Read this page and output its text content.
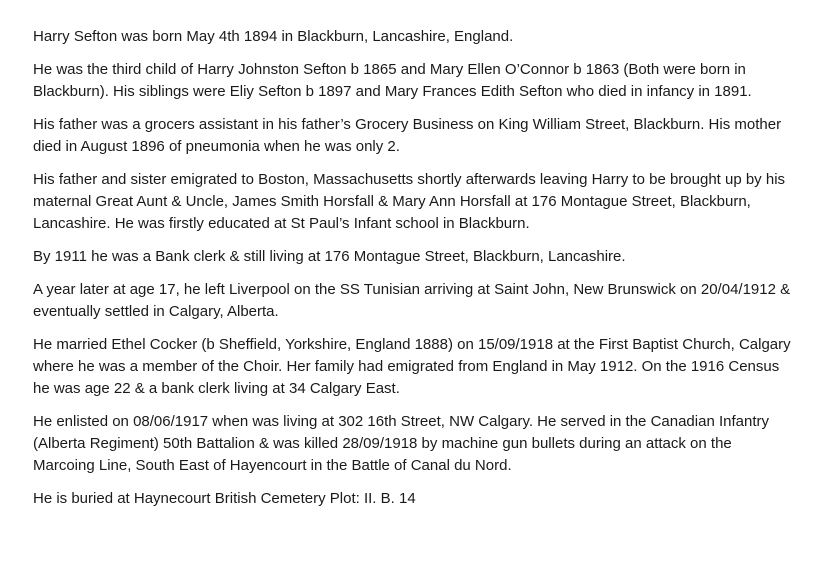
Harry Sefton was born May 4th 1894 in Blackburn, Lancashire, England.

He was the third child of Harry Johnston Sefton b 1865 and Mary Ellen O’Connor b 1863 (Both were born in Blackburn). His siblings were Eliy Sefton b 1897 and Mary Frances Edith Sefton who died in infancy in 1891.

His father was a grocers assistant in his father’s Grocery Business on King William Street, Blackburn. His mother died in August 1896 of pneumonia when he was only 2.

His father and sister emigrated to Boston, Massachusetts shortly afterwards leaving Harry to be brought up by his maternal Great Aunt & Uncle, James Smith Horsfall & Mary Ann Horsfall at 176 Montague Street, Blackburn, Lancashire. He was firstly educated at St Paul’s Infant school in Blackburn.

By 1911 he was a Bank clerk & still living at 176 Montague Street, Blackburn, Lancashire.

A year later at age 17, he left Liverpool on the SS Tunisian arriving at Saint John, New Brunswick on 20/04/1912 & eventually settled in Calgary, Alberta.

He married Ethel Cocker (b Sheffield, Yorkshire, England 1888) on 15/09/1918 at the First Baptist Church, Calgary where he was a member of the Choir. Her family had emigrated from England in May 1912. On the 1916 Census he was age 22 & a bank clerk living at 34 Calgary East.

He enlisted on 08/06/1917 when was living at 302 16th Street, NW Calgary. He served in the Canadian Infantry (Alberta Regiment) 50th Battalion & was killed 28/09/1918 by machine gun bullets during an attack on the Marcoing Line, South East of Hayencourt in the Battle of Canal du Nord.

He is buried at Haynecourt British Cemetery Plot: II. B. 14
